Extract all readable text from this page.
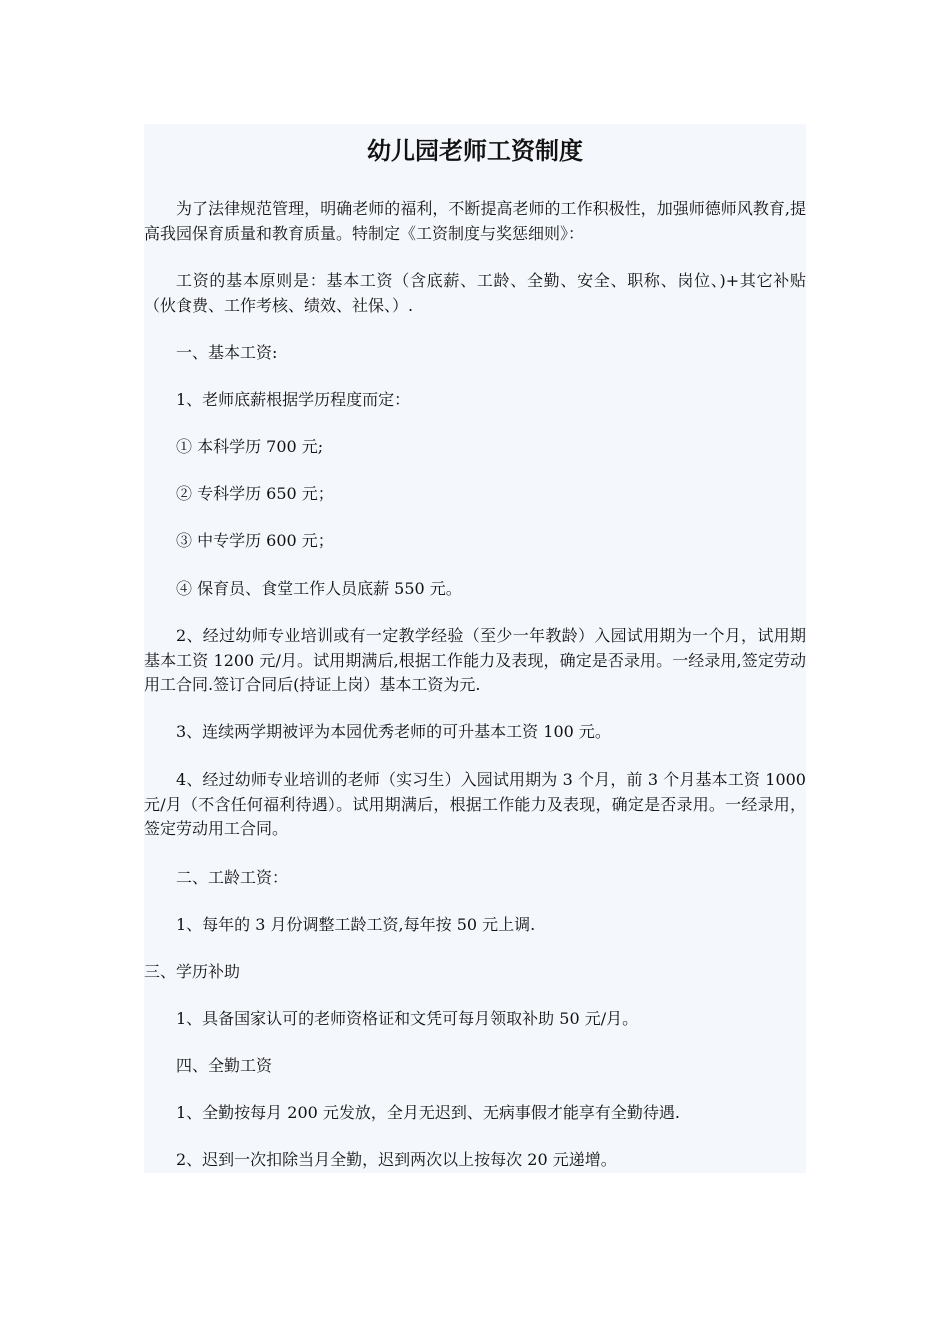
幼儿园老师工资制度

为了法律规范管理，明确老师的福利，不断提高老师的工作积极性，加强师德师风教育,提高我园保育质量和教育质量。特制定《工资制度与奖惩细则》：

工资的基本原则是：基本工资（含底薪、工龄、全勤、安全、职称、岗位、)+其它补贴（伙食费、工作考核、绩效、社保、）.

一、基本工资:

1、老师底薪根据学历程度而定：

① 本科学历 700 元;

② 专科学历 650 元；

③ 中专学历 600 元；

④ 保育员、食堂工作人员底薪 550 元。

2、经过幼师专业培训或有一定教学经验（至少一年教龄）入园试用期为一个月，试用期基本工资 1200 元/月。试用期满后,根据工作能力及表现，确定是否录用。一经录用,签定劳动用工合同.签订合同后(持证上岗）基本工资为元.

3、连续两学期被评为本园优秀老师的可升基本工资 100 元。

4、经过幼师专业培训的老师（实习生）入园试用期为 3 个月，前 3 个月基本工资 1000 元/月（不含任何福利待遇）。试用期满后，根据工作能力及表现，确定是否录用。一经录用，签定劳动用工合同。

二、工龄工资：

1、每年的 3 月份调整工龄工资,每年按 50 元上调.

三、学历补助

1、具备国家认可的老师资格证和文凭可每月领取补助 50 元/月。

四、全勤工资

1、全勤按每月 200 元发放，全月无迟到、无病事假才能享有全勤待遇.

2、迟到一次扣除当月全勤，迟到两次以上按每次 20 元递增。
